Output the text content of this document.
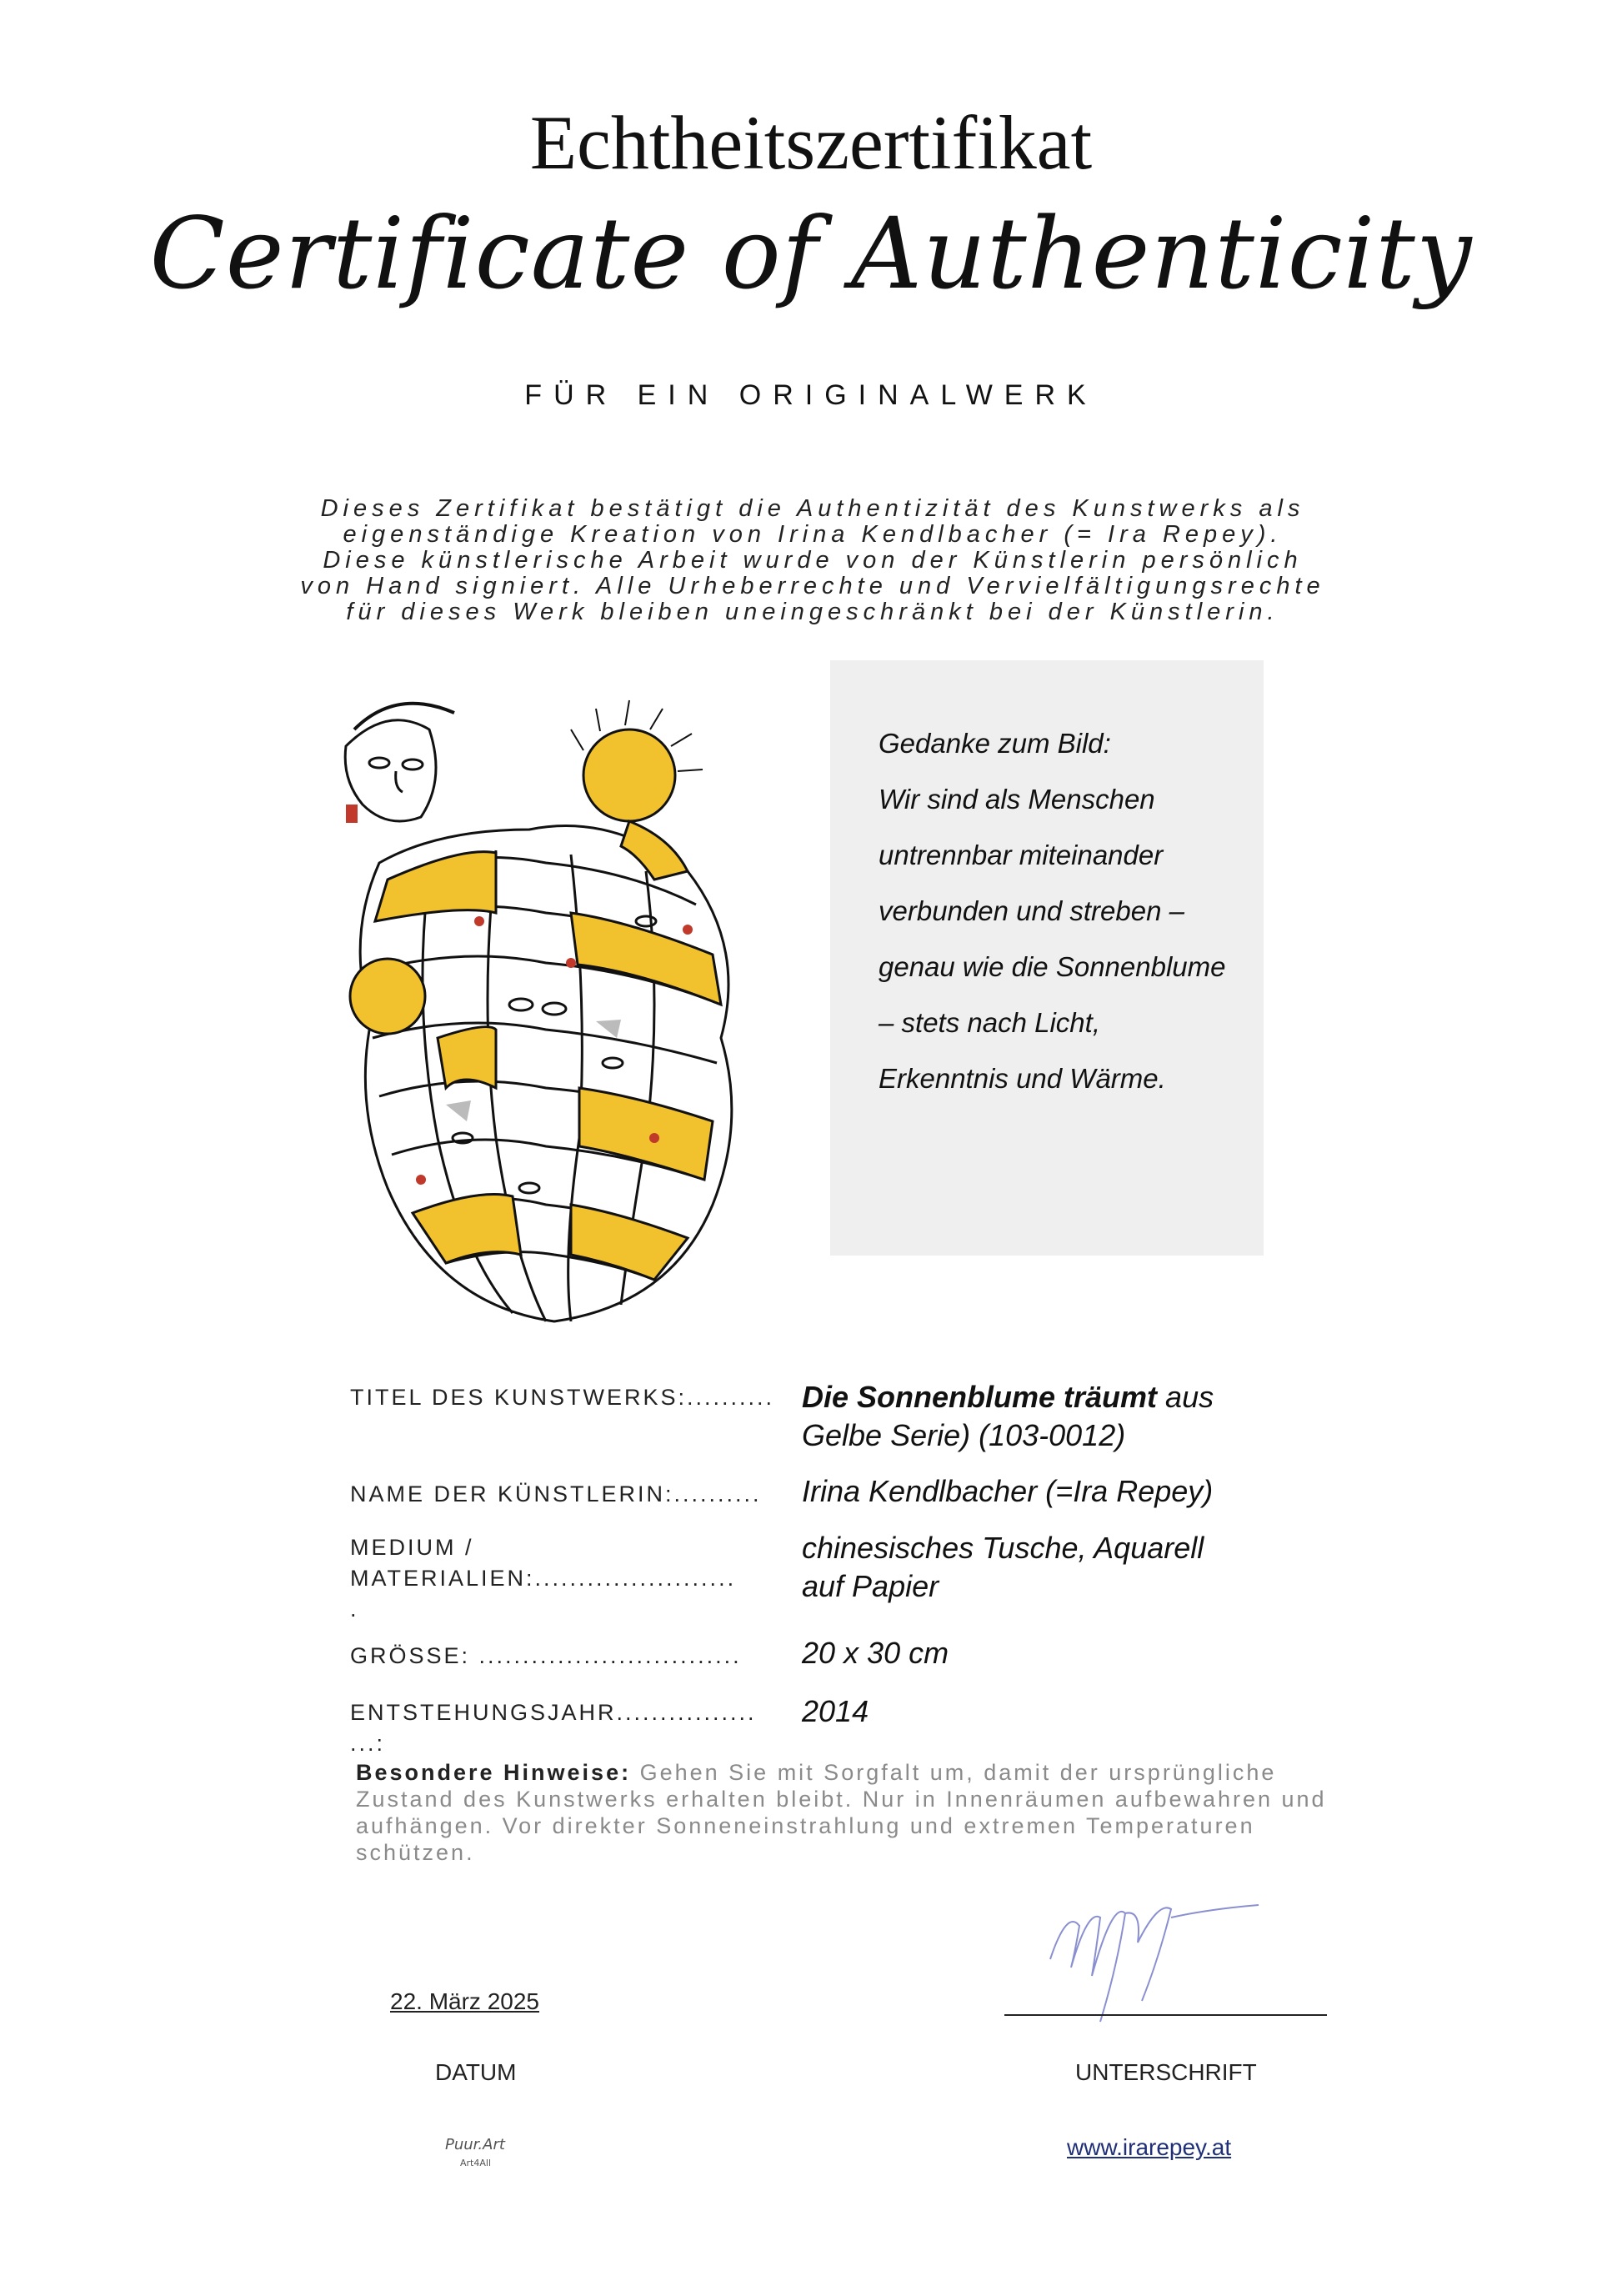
Echtheitszertifikat
Certificate of Authenticity
FÜR EIN ORIGINALWERK
Dieses Zertifikat bestätigt die Authentizität des Kunstwerks als
eigenständige Kreation von Irina Kendlbacher (= Ira Repey).
Diese künstlerische Arbeit wurde von der Künstlerin persönlich
von Hand signiert. Alle Urheberrechte und Vervielfältigungsrechte
für dieses Werk bleiben uneingeschränkt bei der Künstlerin.
Gedanke zum Bild:
Wir sind als Menschen
untrennbar miteinander
verbunden und streben –
genau wie die Sonnenblume
– stets nach Licht,
Erkenntnis und Wärme.
TITEL DES KUNSTWERKS:.......... Die Sonnenblume träumt aus
Gelbe Serie) (103-0012)
NAME DER KÜNSTLERIN:..........	Irina Kendlbacher (=Ira Repey)
MEDIUM /
MATERIALIEN:.......................
.
chinesisches Tusche, Aquarell
auf Papier
GRÖSSE: ..............................	20 x 30 cm
ENTSTEHUNGSJAHR................
...:
2014
Besondere Hinweise: Gehen Sie mit Sorgfalt um, damit der ursprüngliche Zustand des Kunstwerks erhalten bleibt. Nur in Innenräumen aufbewahren und aufhängen. Vor direkter Sonneneinstrahlung und extremen Temperaturen schützen.
22. März 2025
DATUM	UNTERSCHRIFT
Puur.Art
Art4All
www.irarepey.at
